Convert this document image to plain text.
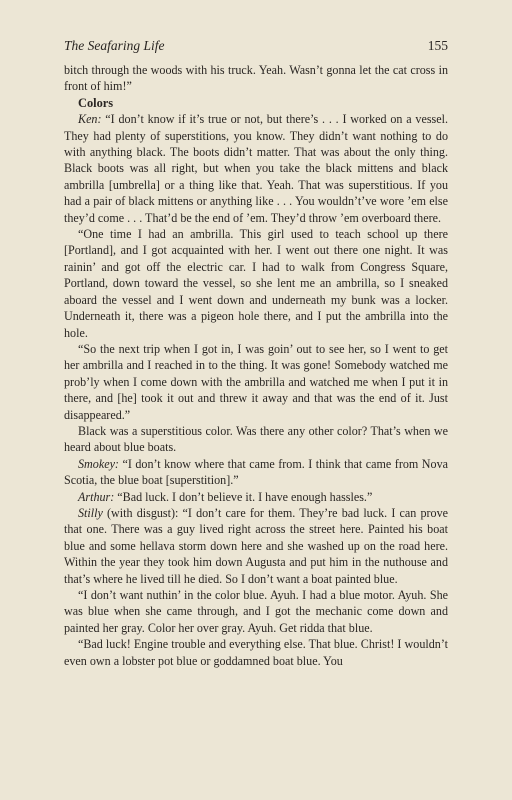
The Seafaring Life	155

bitch through the woods with his truck. Yeah. Wasn’t gonna let the cat cross in front of him!”

Colors

Ken: “I don’t know if it’s true or not, but there’s . . . I worked on a vessel. They had plenty of superstitions, you know. They didn’t want nothing to do with anything black. The boots didn’t matter. That was about the only thing. Black boots was all right, but when you take the black mittens and black ambrilla [umbrella] or a thing like that. Yeah. That was superstitious. If you had a pair of black mittens or anything like . . . You wouldn’t’ve wore ’em else they’d come . . . That’d be the end of ’em. They’d throw ’em overboard there.

“One time I had an ambrilla. This girl used to teach school up there [Portland], and I got acquainted with her. I went out there one night. It was rainin’ and got off the electric car. I had to walk from Congress Square, Portland, down toward the vessel, so she lent me an ambrilla, so I sneaked aboard the vessel and I went down and underneath my bunk was a locker. Underneath it, there was a pigeon hole there, and I put the ambrilla into the hole.

“So the next trip when I got in, I was goin’ out to see her, so I went to get her ambrilla and I reached in to the thing. It was gone! Somebody watched me prob’ly when I come down with the ambrilla and watched me when I put it in there, and [he] took it out and threw it away and that was the end of it. Just disappeared.”

Black was a superstitious color. Was there any other color? That’s when we heard about blue boats.

Smokey: “I don’t know where that came from. I think that came from Nova Scotia, the blue boat [superstition].”

Arthur: “Bad luck. I don’t believe it. I have enough hassles.”

Stilly (with disgust): “I don’t care for them. They’re bad luck. I can prove that one. There was a guy lived right across the street here. Painted his boat blue and some hellava storm down here and she washed up on the road here. Within the year they took him down Augusta and put him in the nuthouse and that’s where he lived till he died. So I don’t want a boat painted blue.

“I don’t want nuthin’ in the color blue. Ayuh. I had a blue motor. Ayuh. She was blue when she came through, and I got the mechanic come down and painted her gray. Color her over gray. Ayuh. Get ridda that blue.

“Bad luck! Engine trouble and everything else. That blue. Christ! I wouldn’t even own a lobster pot blue or goddamned boat blue. You
